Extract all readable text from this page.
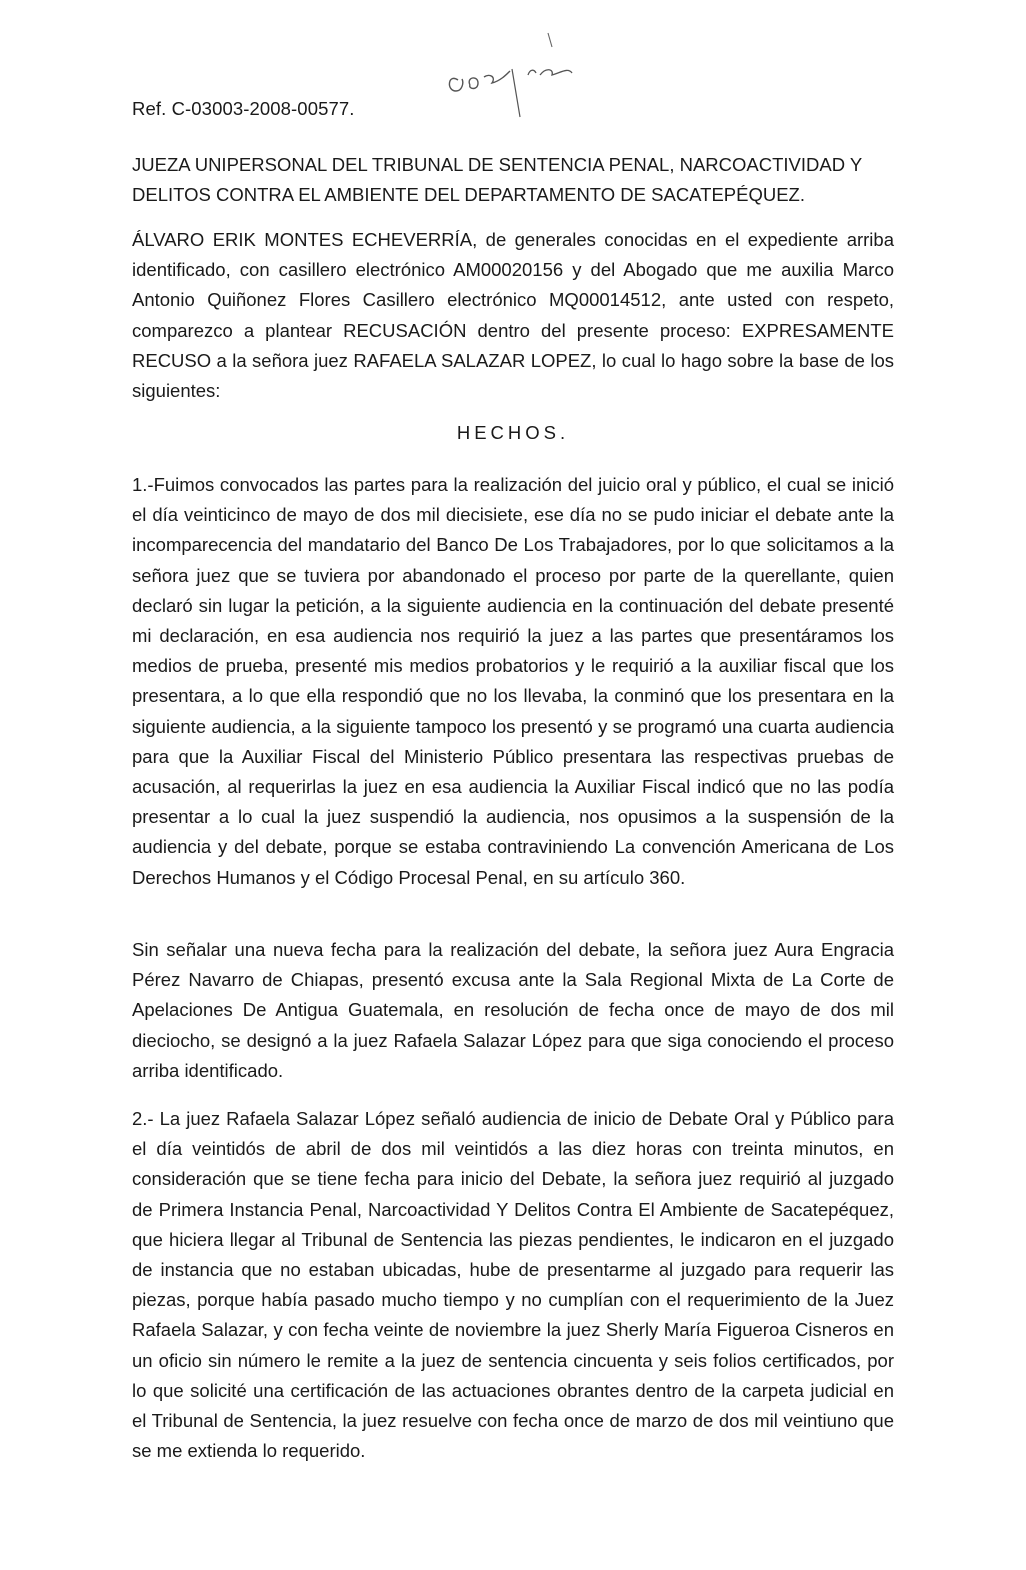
Ref. C-03003-2008-00577.
JUEZA UNIPERSONAL DEL TRIBUNAL DE SENTENCIA PENAL, NARCOACTIVIDAD Y DELITOS CONTRA EL AMBIENTE DEL DEPARTAMENTO DE SACATEPÉQUEZ.

ÁLVARO ERIK MONTES ECHEVERRÍA, de generales conocidas en el expediente arriba identificado, con casillero electrónico AM00020156 y del Abogado que me auxilia Marco Antonio Quiñonez Flores Casillero electrónico MQ00014512, ante usted con respeto, comparezco a plantear RECUSACIÓN dentro del presente proceso: EXPRESAMENTE RECUSO a la señora juez RAFAELA SALAZAR LOPEZ, lo cual lo hago sobre la base de los siguientes:

HECHOS.

1.-Fuimos convocados las partes para la realización del juicio oral y público, el cual se inició el día veinticinco de mayo de dos mil diecisiete, ese día no se pudo iniciar el debate ante la incomparecencia del mandatario del Banco De Los Trabajadores, por lo que solicitamos a la señora juez que se tuviera por abandonado el proceso por parte de la querellante, quien declaró sin lugar la petición, a la siguiente audiencia en la continuación del debate presenté mi declaración, en esa audiencia nos requirió la juez a las partes que presentáramos los medios de prueba, presenté mis medios probatorios y le requirió a la auxiliar fiscal que los presentara, a lo que ella respondió que no los llevaba, la conminó que los presentara en la siguiente audiencia, a la siguiente tampoco los presentó y se programó una cuarta audiencia para que la Auxiliar Fiscal del Ministerio Público presentara las respectivas pruebas de acusación, al requerirlas la juez en esa audiencia la Auxiliar Fiscal indicó que no las podía presentar a lo cual la juez suspendió la audiencia, nos opusimos a la suspensión de la audiencia y del debate, porque se estaba contraviniendo La convención Americana de Los Derechos Humanos y el Código Procesal Penal, en su artículo 360.

Sin señalar una nueva fecha para la realización del debate, la señora juez Aura Engracia Pérez Navarro de Chiapas, presentó excusa ante la Sala Regional Mixta de La Corte de Apelaciones De Antigua Guatemala, en resolución de fecha once de mayo de dos mil dieciocho, se designó a la juez Rafaela Salazar López para que siga conociendo el proceso arriba identificado.

2.- La juez Rafaela Salazar López señaló audiencia de inicio de Debate Oral y Público para el día veintidós de abril de dos mil veintidós a las diez horas con treinta minutos, en consideración que se tiene fecha para inicio del Debate, la señora juez requirió al juzgado de Primera Instancia Penal, Narcoactividad Y Delitos Contra El Ambiente de Sacatepéquez, que hiciera llegar al Tribunal de Sentencia las piezas pendientes, le indicaron en el juzgado de instancia que no estaban ubicadas, hube de presentarme al juzgado para requerir las piezas, porque había pasado mucho tiempo y no cumplían con el requerimiento de la Juez Rafaela Salazar, y con fecha veinte de noviembre la juez Sherly María Figueroa Cisneros en un oficio sin número le remite a la juez de sentencia cincuenta y seis folios certificados, por lo que solicité una certificación de las actuaciones obrantes dentro de la carpeta judicial en el Tribunal de Sentencia, la juez resuelve con fecha once de marzo de dos mil veintiuno que se me extienda lo requerido.
